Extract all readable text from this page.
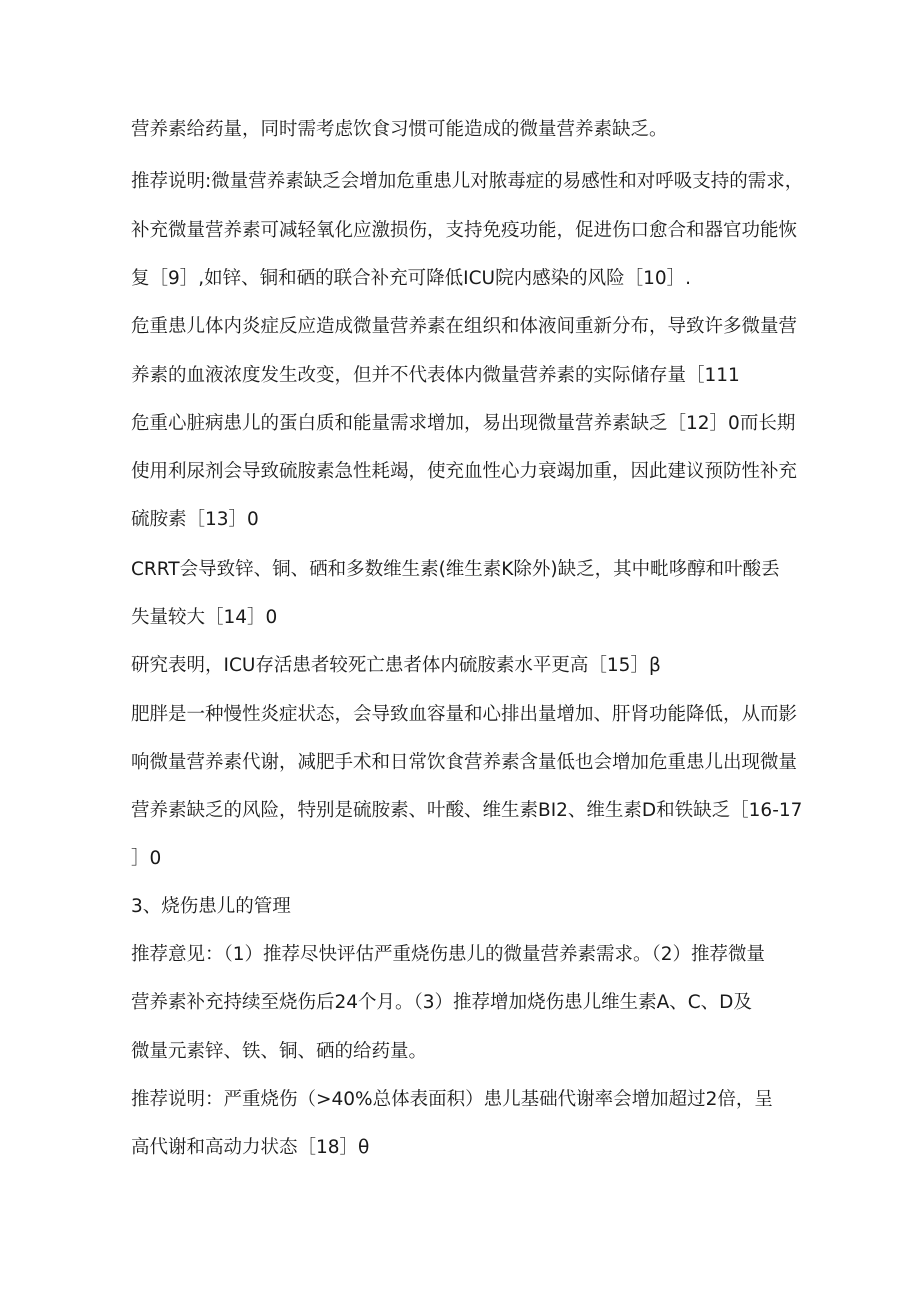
营养素给药量，同时需考虑饮食习惯可能造成的微量营养素缺乏。
推荐说明:微量营养素缺乏会增加危重患儿对脓毒症的易感性和对呼吸支持的需求，
补充微量营养素可减轻氧化应激损伤，支持免疫功能，促进伤口愈合和器官功能恢
复［9］,如锌、铜和硒的联合补充可降低ICU院内感染的风险［10］.
危重患儿体内炎症反应造成微量营养素在组织和体液间重新分布，导致许多微量营
养素的血液浓度发生改变，但并不代表体内微量营养素的实际储存量［111
危重心脏病患儿的蛋白质和能量需求增加，易出现微量营养素缺乏［12］0而长期
使用利尿剂会导致硫胺素急性耗竭，使充血性心力衰竭加重，因此建议预防性补充
硫胺素［13］0
CRRT会导致锌、铜、硒和多数维生素(维生素K除外)缺乏，其中毗哆醇和叶酸丢
失量较大［14］0
研究表明，ICU存活患者较死亡患者体内硫胺素水平更高［15］β
肥胖是一种慢性炎症状态，会导致血容量和心排出量增加、肝肾功能降低，从而影
响微量营养素代谢，减肥手术和日常饮食营养素含量低也会增加危重患儿出现微量
营养素缺乏的风险，特别是硫胺素、叶酸、维生素BI2、维生素D和铁缺乏［16-17
］0
3、烧伤患儿的管理
推荐意见：（1）推荐尽快评估严重烧伤患儿的微量营养素需求。（2）推荐微量
营养素补充持续至烧伤后24个月。（3）推荐增加烧伤患儿维生素A、C、D及
微量元素锌、铁、铜、硒的给药量。
推荐说明：严重烧伤（>40%总体表面积）患儿基础代谢率会增加超过2倍，呈
高代谢和高动力状态［18］θ
